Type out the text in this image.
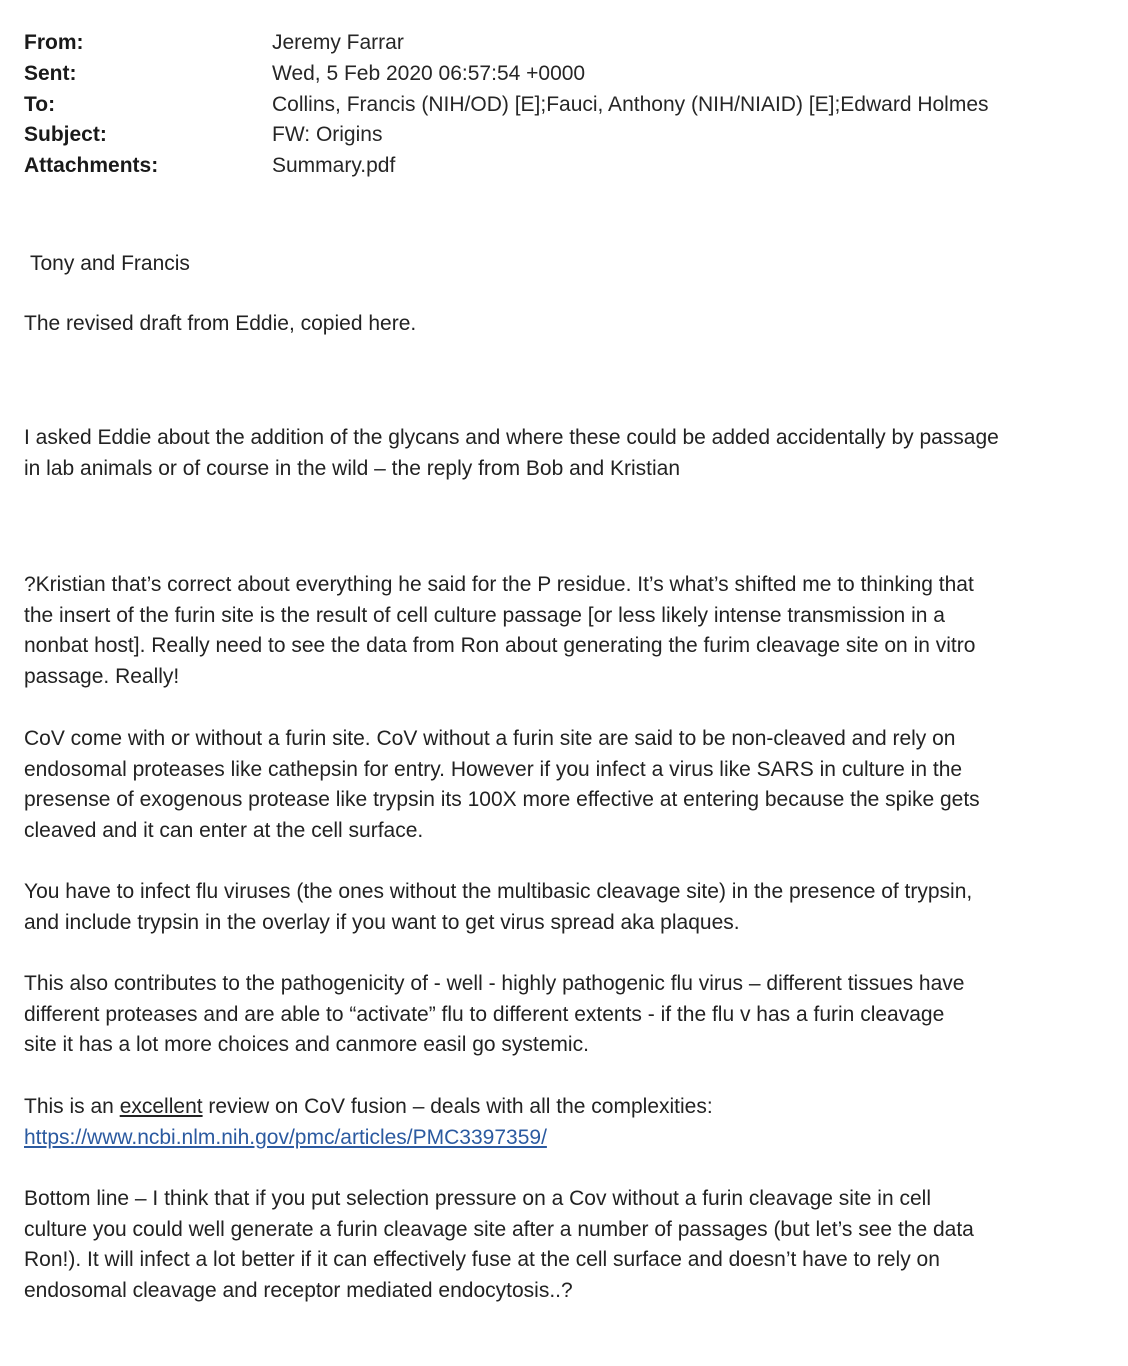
From:	Jeremy Farrar
Sent:	Wed, 5 Feb 2020 06:57:54 +0000
To:	Collins, Francis (NIH/OD) [E];Fauci, Anthony (NIH/NIAID) [E];Edward Holmes
Subject:	FW: Origins
Attachments:	Summary.pdf
Tony and Francis
The revised draft from Eddie, copied here.
I asked Eddie about the addition of the glycans and where these could be added accidentally by passage
in lab animals or of course in the wild – the reply from Bob and Kristian
?Kristian that’s correct about everything he said for the P residue. It’s what’s shifted me to thinking that
the insert of the furin site is the result of cell culture passage [or less likely intense transmission in a
nonbat host]. Really need to see the data from Ron about generating the furim cleavage site on in vitro
passage. Really!
CoV come with or without a furin site. CoV without a furin site are said to be non-cleaved and rely on
endosomal proteases like cathepsin for entry. However if you infect a virus like SARS in culture in the
presense of exogenous protease like trypsin its 100X more effective at entering because the spike gets
cleaved and it can enter at the cell surface.
You have to infect flu viruses (the ones without the multibasic cleavage site) in the presence of trypsin,
and include trypsin in the overlay if you want to get virus spread aka plaques.
This also contributes to the pathogenicity of - well - highly pathogenic flu virus – different tissues have
different proteases and are able to “activate” flu to different extents - if the flu v has a furin cleavage
site it has a lot more choices and canmore easil go systemic.
This is an excellent review on CoV fusion – deals with all the complexities:
https://www.ncbi.nlm.nih.gov/pmc/articles/PMC3397359/
Bottom line – I think that if you put selection pressure on a Cov without a furin cleavage site in cell
culture you could well generate a furin cleavage site after a number of passages (but let’s see the data
Ron!). It will infect a lot better if it can effectively fuse at the cell surface and doesn’t have to rely on
endosomal cleavage and receptor mediated endocytosis..?
